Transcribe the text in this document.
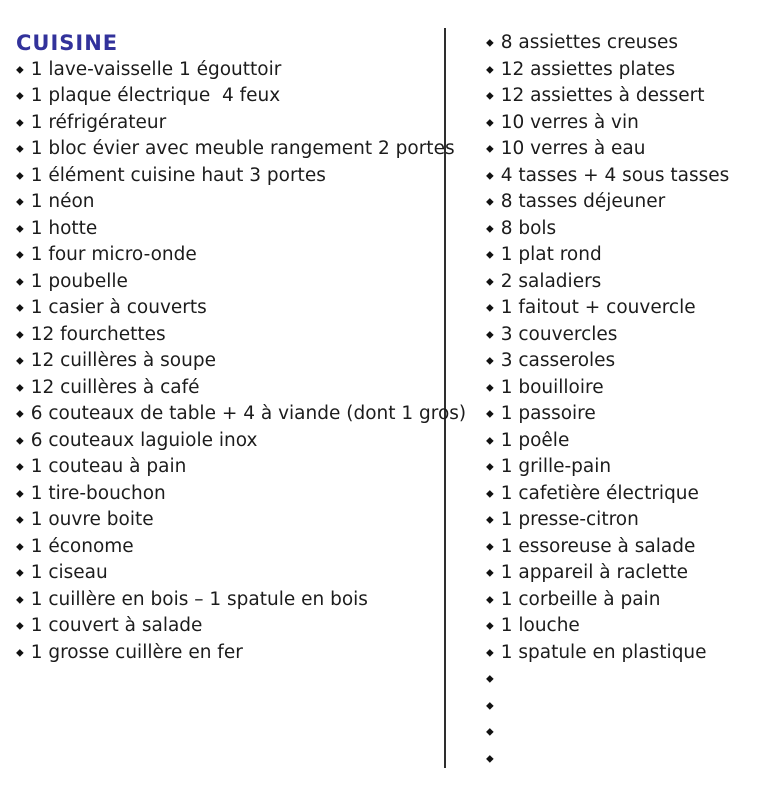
CUISINE
◆ 1 lave-vaisselle 1 égouttoir
◆ 1 plaque électrique  4 feux
◆ 1 réfrigérateur
◆ 1 bloc évier avec meuble rangement 2 portes
◆ 1 élément cuisine haut 3 portes
◆ 1 néon
◆ 1 hotte
◆ 1 four micro-onde
◆ 1 poubelle
◆ 1 casier à couverts
◆ 12 fourchettes
◆ 12 cuillères à soupe
◆ 12 cuillères à café
◆ 6 couteaux de table + 4 à viande (dont 1 gros)
◆ 6 couteaux laguiole inox
◆ 1 couteau à pain
◆ 1 tire-bouchon
◆ 1 ouvre boite
◆ 1 économe
◆ 1 ciseau
◆ 1 cuillère en bois – 1 spatule en bois
◆ 1 couvert à salade
◆ 1 grosse cuillère en fer
◆ 8 assiettes creuses
◆ 12 assiettes plates
◆ 12 assiettes à dessert
◆ 10 verres à vin
◆ 10 verres à eau
◆ 4 tasses + 4 sous tasses
◆ 8 tasses déjeuner
◆ 8 bols
◆ 1 plat rond
◆ 2 saladiers
◆ 1 faitout + couvercle
◆ 3 couvercles
◆ 3 casseroles
◆ 1 bouilloire
◆ 1 passoire
◆ 1 poêle
◆ 1 grille-pain
◆ 1 cafetière électrique
◆ 1 presse-citron
◆ 1 essoreuse à salade
◆ 1 appareil à raclette
◆ 1 corbeille à pain
◆ 1 louche
◆ 1 spatule en plastique
◆
◆
◆
◆
